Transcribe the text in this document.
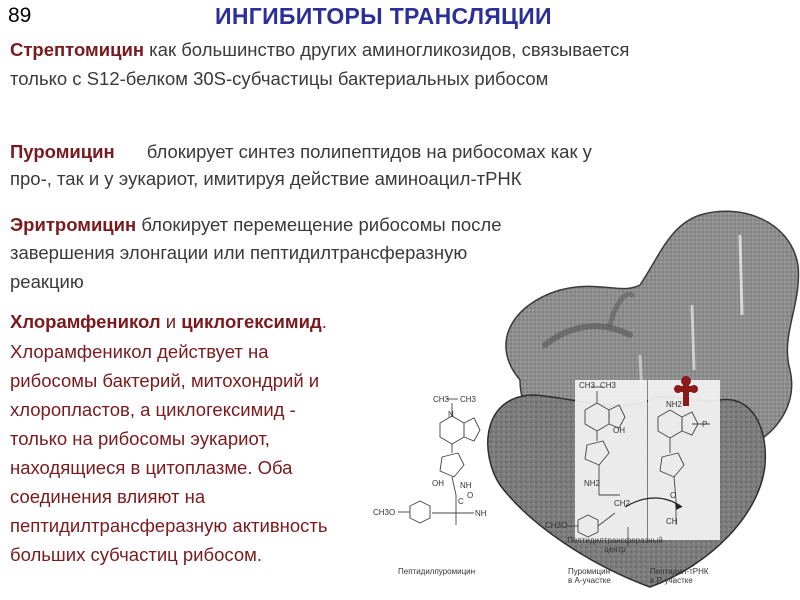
89	ИНГИБИТОРЫ ТРАНСЛЯЦИИ

Стрептомицин как большинство других аминогликозидов, связывается

только с S12-белком 30S-субчастицы бактериальных рибосом

Пуромицин блокирует синтез полипептидов на рибосомах как у

про-, так и у эукариот, имитируя действие аминоацил-тРНК

Эритромицин блокирует перемещение рибосомы после

завершения элонгации или пептидилтрансферазную

реакцию

Хлорамфеникол и циклогексимид.

Хлорамфеникол действует на

рибосомы бактерий, митохондрий и

хлоропластов, а циклогексимид -

только на рибосомы эукариот,

находящиеся в цитоплазме. Оба

соединения влияют на

пептидилтрансферазную активность

больших субчастиц рибосом.

CH3 CH3
N
OH NH
C
O
CH3O	NH
CH3 CH3
OH
NH2
CH2
CH3O
NH2
P
O
CH
Пептидилпуромицин
Пептидилтрансферазный
центр
Пуромицин
в А-участке
Пептидил-тРНК
в Р-участке
